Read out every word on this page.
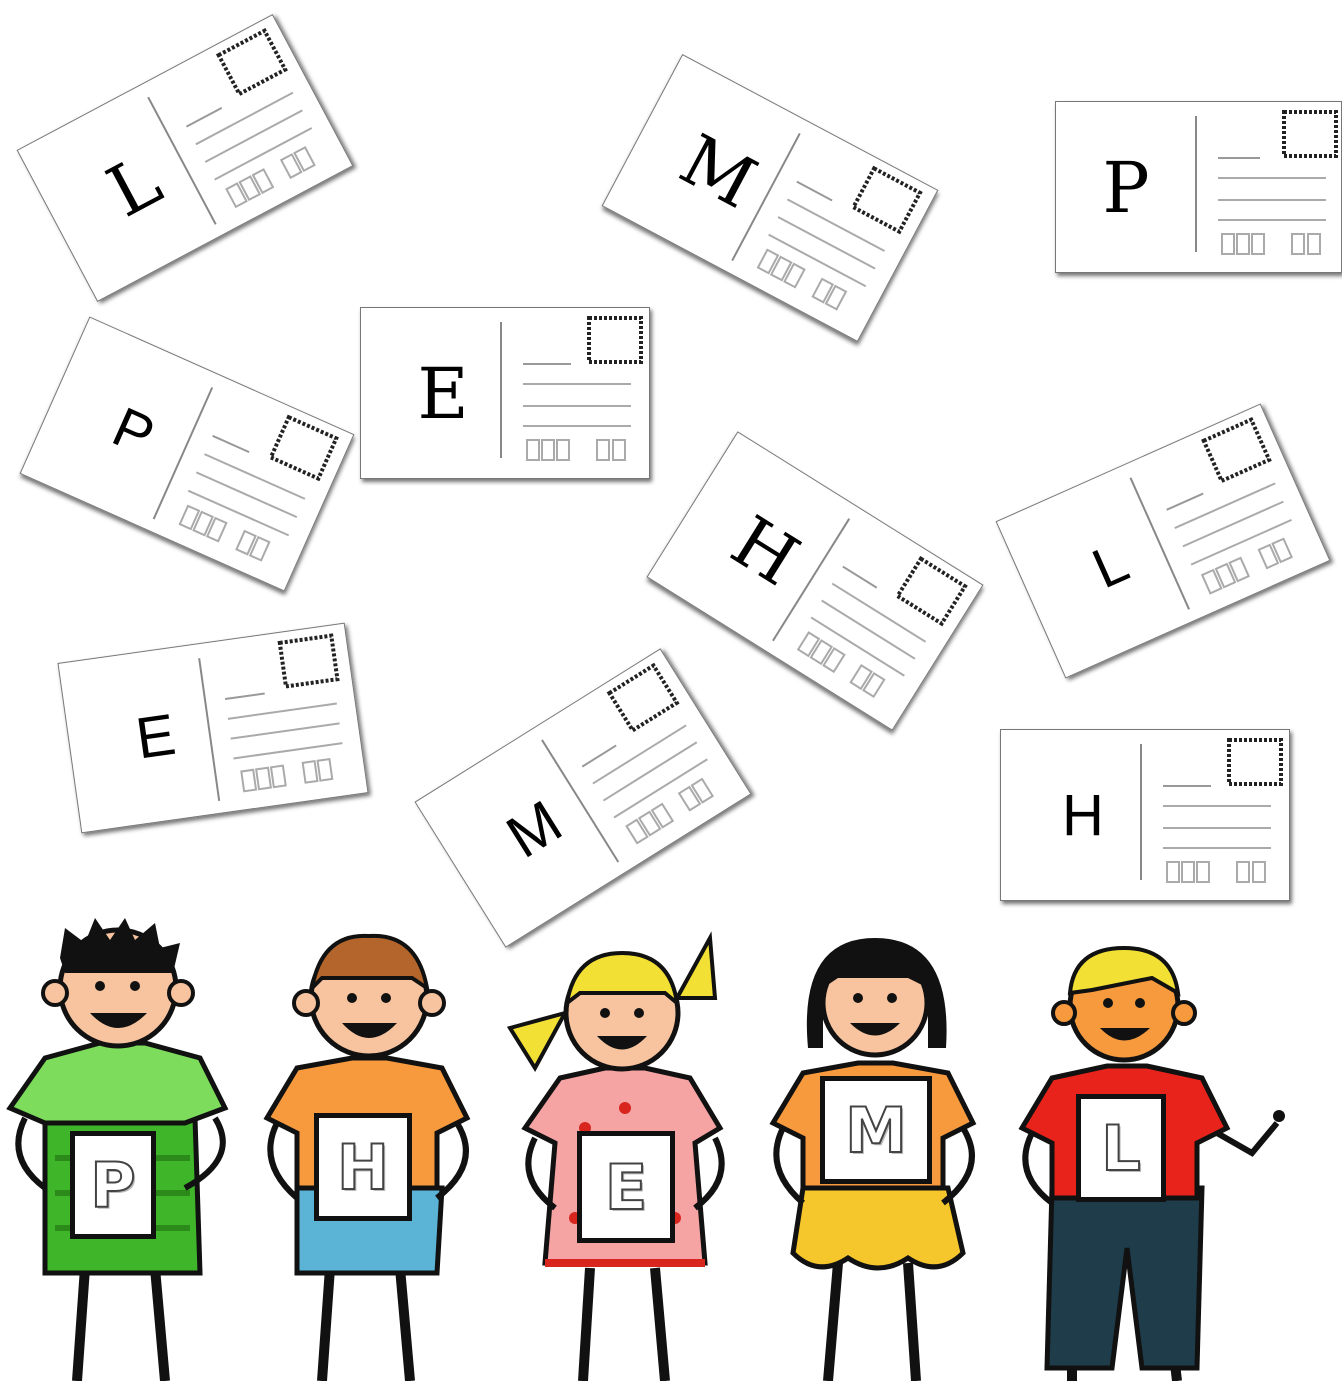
L	M	P
P	E
H	L
E
M	H
P	H	E
M	L
